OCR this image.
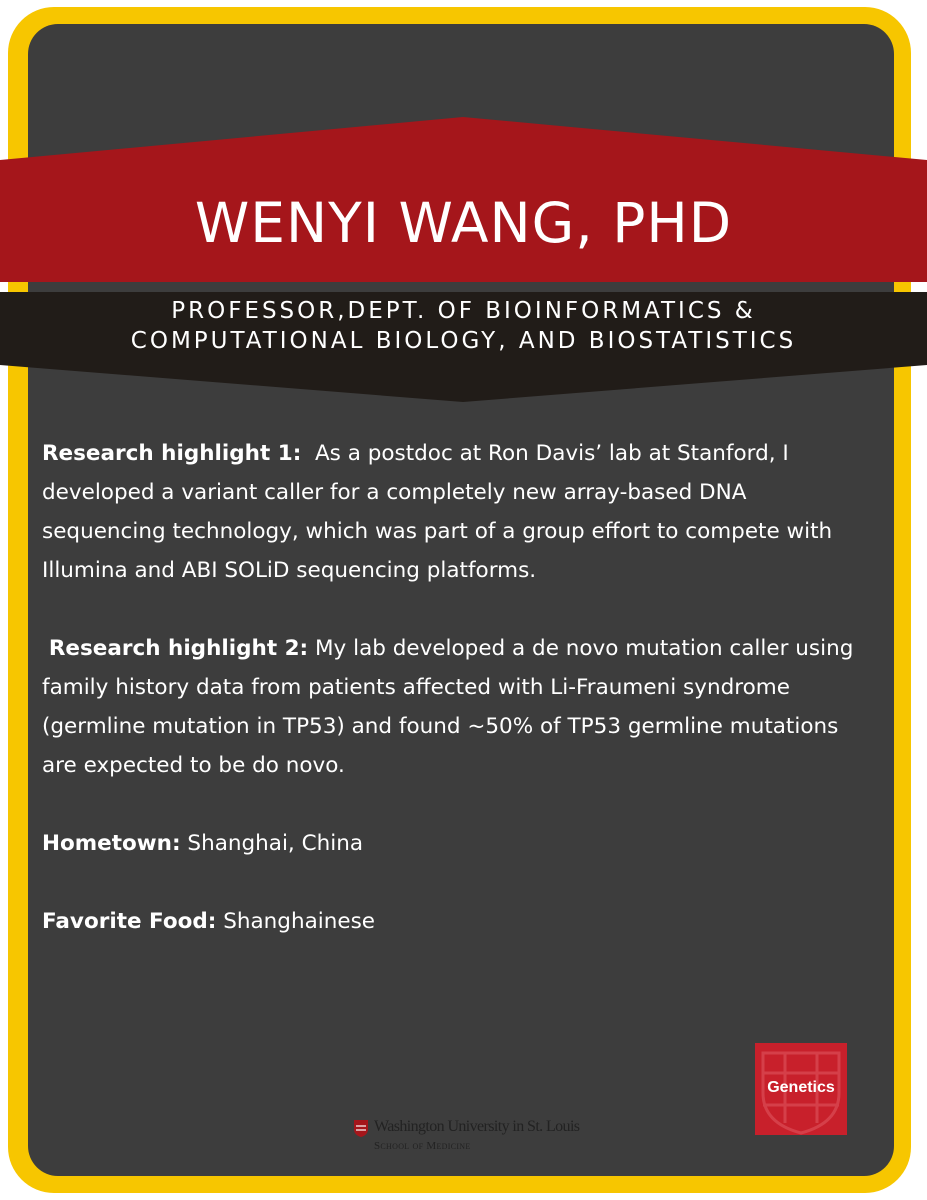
WENYI WANG, PHD
PROFESSOR,DEPT. OF BIOINFORMATICS & COMPUTATIONAL BIOLOGY, AND BIOSTATISTICS

Research highlight 1: As a postdoc at Ron Davis’ lab at Stanford, I developed a variant caller for a completely new array-based DNA sequencing technology, which was part of a group effort to compete with Illumina and ABI SOLiD sequencing platforms.

Research highlight 2: My lab developed a de novo mutation caller using family history data from patients affected with Li-Fraumeni syndrome (germline mutation in TP53) and found ~50% of TP53 germline mutations are expected to be do novo.

Hometown: Shanghai, China

Favorite Food: Shanghainese

Genetics
Washington University in St. Louis
School of Medicine
